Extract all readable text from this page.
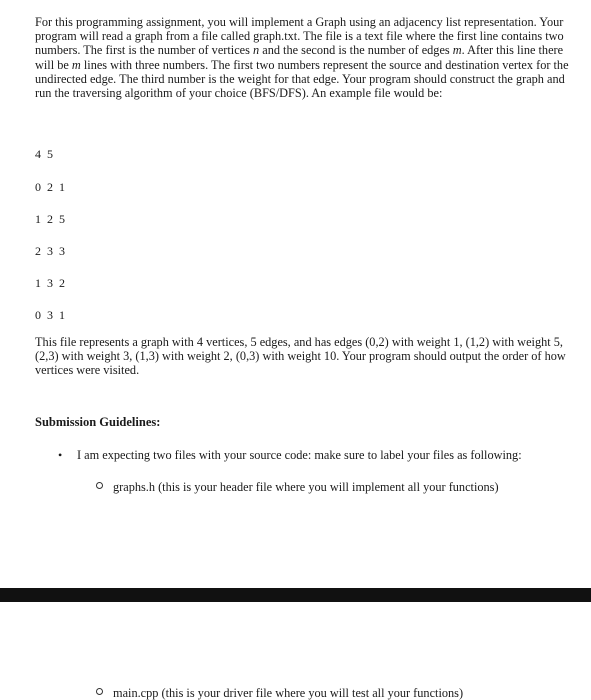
For this programming assignment, you will implement a Graph using an adjacency list representation. Your program will read a graph from a file called graph.txt. The file is a text file where the first line contains two numbers. The first is the number of vertices n and the second is the number of edges m. After this line there will be m lines with three numbers. The first two numbers represent the source and destination vertex for the undirected edge. The third number is the weight for that edge. Your program should construct the graph and run the traversing algorithm of your choice (BFS/DFS). An example file would be:

4 5

0 2 1

1 2 5

2 3 3

1 3 2

0 3 1

This file represents a graph with 4 vertices, 5 edges, and has edges (0,2) with weight 1, (1,2) with weight 5, (2,3) with weight 3, (1,3) with weight 2, (0,3) with weight 10. Your program should output the order of how vertices were visited.

Submission Guidelines:

•	I am expecting two files with your source code: make sure to label your files as following:
graphs.h (this is your header file where you will implement all your functions)
main.cpp (this is your driver file where you will test all your functions)
